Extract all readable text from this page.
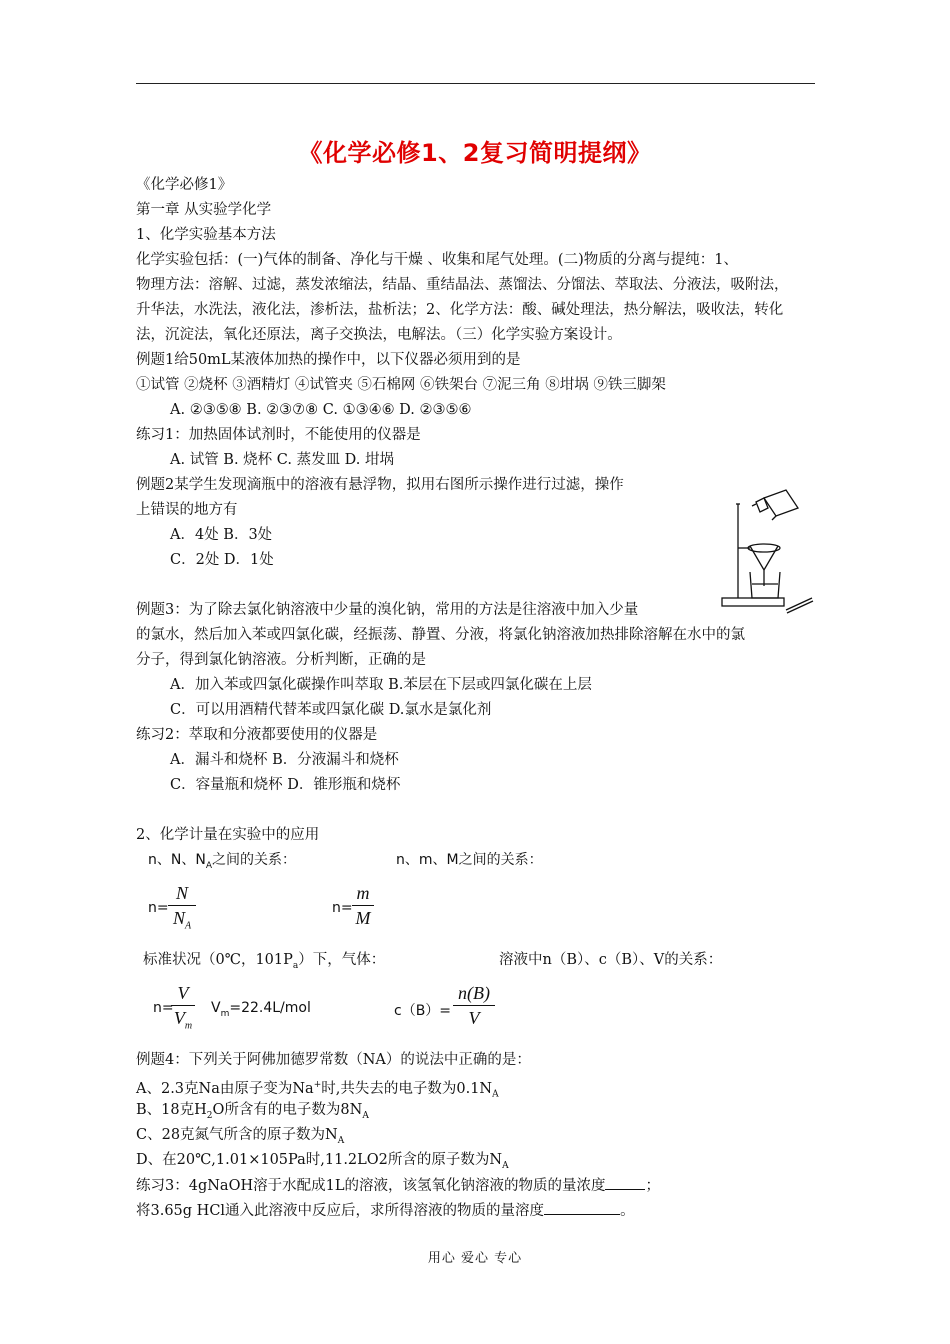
《化学必修1、2复习简明提纲》
《化学必修1》
第一章 从实验学化学
1、化学实验基本方法
化学实验包括：(一)气体的制备、净化与干燥 、收集和尾气处理。(二)物质的分离与提纯：1、
物理方法：溶解、过滤，蒸发浓缩法，结晶、重结晶法、蒸馏法、分馏法、萃取法、分液法，吸附法，
升华法，水洗法，液化法，渗析法，盐析法；2、化学方法：酸、碱处理法，热分解法，吸收法，转化
法，沉淀法，氧化还原法，离子交换法，电解法。（三）化学实验方案设计。
例题1给50mL某液体加热的操作中，以下仪器必须用到的是
①试管 ②烧杯 ③酒精灯 ④试管夹 ⑤石棉网 ⑥铁架台 ⑦泥三角 ⑧坩埚 ⑨铁三脚架
A. ②③⑤⑧ B. ②③⑦⑧ C. ①③④⑥ D. ②③⑤⑥
练习1：加热固体试剂时，不能使用的仪器是
A. 试管 B. 烧杯 C. 蒸发皿 D. 坩埚
例题2某学生发现滴瓶中的溶液有悬浮物，拟用右图所示操作进行过滤，操作
上错误的地方有
A．4处 B．3处
C．2处 D．1处
例题3：为了除去氯化钠溶液中少量的溴化钠，常用的方法是往溶液中加入少量
的氯水，然后加入苯或四氯化碳，经振荡、静置、分液，将氯化钠溶液加热排除溶解在水中的氯
分子，得到氯化钠溶液。分析判断，正确的是
A．加入苯或四氯化碳操作叫萃取 B.苯层在下层或四氯化碳在上层
C．可以用酒精代替苯或四氯化碳 D.氯水是氯化剂
练习2：萃取和分液都要使用的仪器是
A．漏斗和烧杯 B．分液漏斗和烧杯
C．容量瓶和烧杯 D．锥形瓶和烧杯
2、化学计量在实验中的应用
n、N、$N_A$之间的关系：	n、m、M之间的关系：
n=
N
$N_A$
n=
m
M
标准状况（0℃，$101P_a$）下，气体：	溶液中n（B）、c（B）、V的关系：
n=
V
$V_m$
$V_m=22.4L$/mol	c（B）=
n(B)
V
例题4：下列关于阿佛加德罗常数（NA）的说法中正确的是：
A、2.3克Na由原子变为Na+时,共失去的电子数为$0.1N_A$
B、18克$H_2O$所含有的电子数为$8N_A$
C、28克氮气所含的原子数为$N_A$
D、在20℃,1.01×105Pa时,11.2LO2所含的原子数为$N_A$
练习3：4gNaOH溶于水配成1L的溶液，该氢氧化钠溶液的物质的量浓度	；
将3.65g HCl通入此溶液中反应后，求所得溶液的物质的量溶度	。
用心 爱心 专心
